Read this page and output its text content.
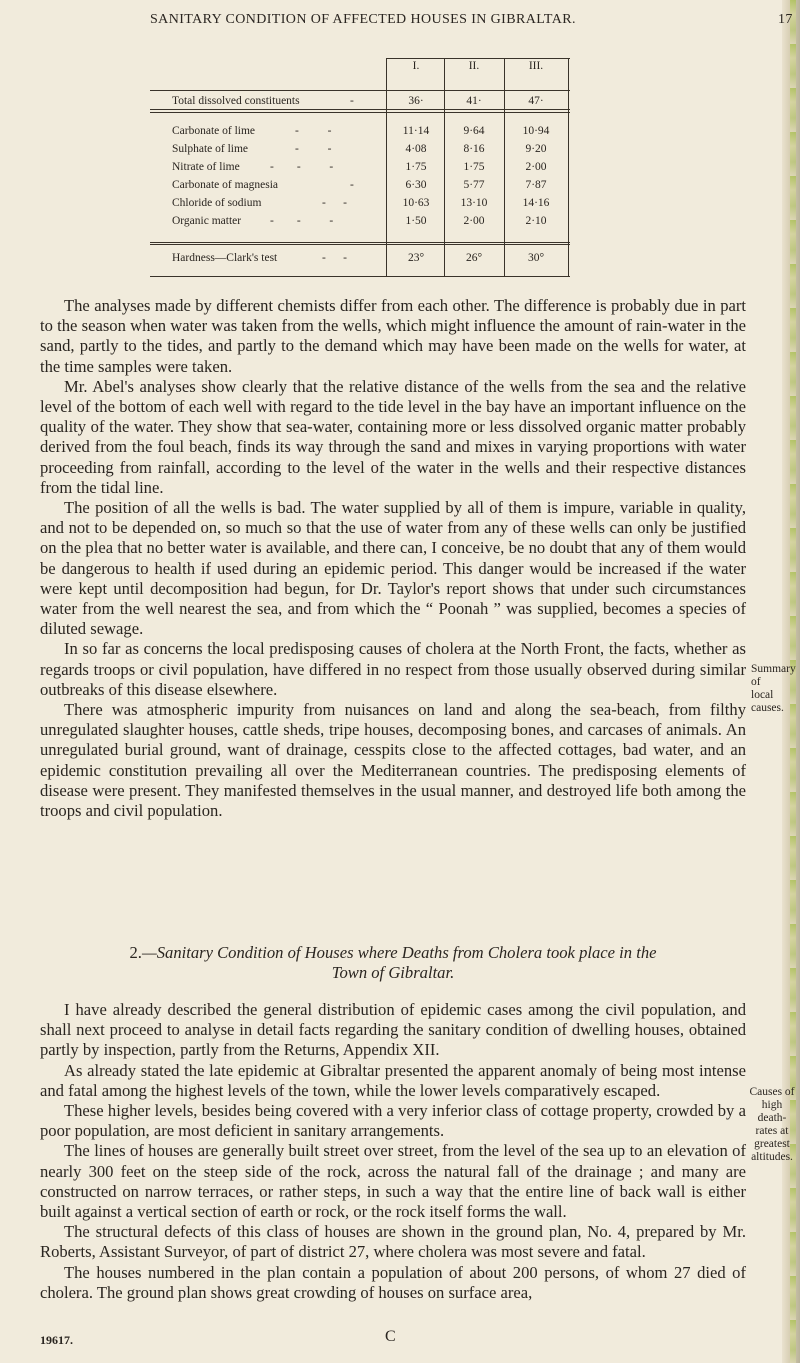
SANITARY CONDITION OF AFFECTED HOUSES IN GIBRALTAR.	17
I.	II.	III.
Total dissolved constituents	-	36·	41·	47·
Carbonate of lime	-          -	11·14	9·64	10·94
Sulphate of lime	-          -	4·08	8·16	9·20
Nitrate of lime	-        -          -	1·75	1·75	2·00
Carbonate of magnesia	-	6·30	5·77	7·87
Chloride of sodium	-      -	10·63	13·10	14·16
Organic matter	-        -          -	1·50	2·00	2·10
Hardness—Clark's test	-      -	23°	26°	30°

The analyses made by different chemists differ from each other. The difference is probably due in part to the season when water was taken from the wells, which might influence the amount of rain-water in the sand, partly to the tides, and partly to the demand which may have been made on the wells for water, at the time samples were taken.

Mr. Abel's analyses show clearly that the relative distance of the wells from the sea and the relative level of the bottom of each well with regard to the tide level in the bay have an important influence on the quality of the water. They show that sea-water, containing more or less dissolved organic matter probably derived from the foul beach, finds its way through the sand and mixes in varying proportions with water proceeding from rainfall, according to the level of the water in the wells and their respective distances from the tidal line.

The position of all the wells is bad. The water supplied by all of them is impure, variable in quality, and not to be depended on, so much so that the use of water from any of these wells can only be justified on the plea that no better water is available, and there can, I conceive, be no doubt that any of them would be dangerous to health if used during an epidemic period. This danger would be increased if the water were kept until decomposition had begun, for Dr. Taylor's report shows that under such circumstances water from the well nearest the sea, and from which the “ Poonah ” was supplied, becomes a species of diluted sewage.

In so far as concerns the local predisposing causes of cholera at the North Front, the facts, whether as regards troops or civil population, have differed in no respect from those usually observed during similar outbreaks of this disease elsewhere.

There was atmospheric impurity from nuisances on land and along the sea-beach, from filthy unregulated slaughter houses, cattle sheds, tripe houses, decomposing bones, and carcases of animals. An unregulated burial ground, want of drainage, cesspits close to the affected cottages, bad water, and an epidemic constitution prevailing all over the Mediterranean countries. The predisposing elements of disease were present. They manifested themselves in the usual manner, and destroyed life both among the troops and civil population.

Summary of
local causes.
2.—Sanitary Condition of Houses where Deaths from Cholera took place in the
Town of Gibraltar.

I have already described the general distribution of epidemic cases among the civil population, and shall next proceed to analyse in detail facts regarding the sanitary condition of dwelling houses, obtained partly by inspection, partly from the Returns, Appendix XII.

As already stated the late epidemic at Gibraltar presented the apparent anomaly of being most intense and fatal among the highest levels of the town, while the lower levels comparatively escaped.

These higher levels, besides being covered with a very inferior class of cottage property, crowded by a poor population, are most deficient in sanitary arrangements.

The lines of houses are generally built street over street, from the level of the sea up to an elevation of nearly 300 feet on the steep side of the rock, across the natural fall of the drainage ; and many are constructed on narrow terraces, or rather steps, in such a way that the entire line of back wall is either built against a vertical section of earth or rock, or the rock itself forms the wall.

The structural defects of this class of houses are shown in the ground plan, No. 4, prepared by Mr. Roberts, Assistant Surveyor, of part of district 27, where cholera was most severe and fatal.

The houses numbered in the plan contain a population of about 200 persons, of whom 27 died of cholera. The ground plan shows great crowding of houses on surface area,

Causes of
high death-
rates at
greatest
altitudes.
19617.	C
